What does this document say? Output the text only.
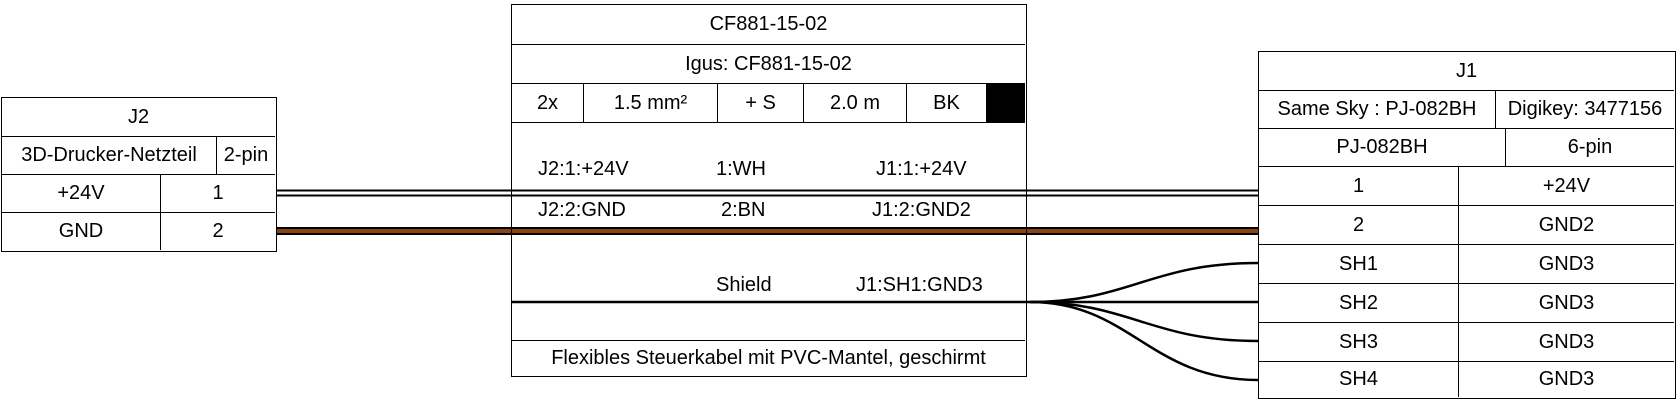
J2
3D-Drucker-Netzteil	2-pin
+24V	1
GND	2
CF881-15-02
Igus: CF881-15-02
2x	1.5 mm²	+ S	2.0 m	BK
Flexibles Steuerkabel mit PVC-Mantel, geschirmt
J2:1:+24V	1:WH	J1:1:+24V
J2:2:GND	2:BN	J1:2:GND2
Shield	J1:SH1:GND3
J1
Same Sky : PJ-082BH	Digikey: 3477156
PJ-082BH	6-pin
1	+24V
2	GND2
SH1	GND3
SH2	GND3
SH3	GND3
SH4	GND3
